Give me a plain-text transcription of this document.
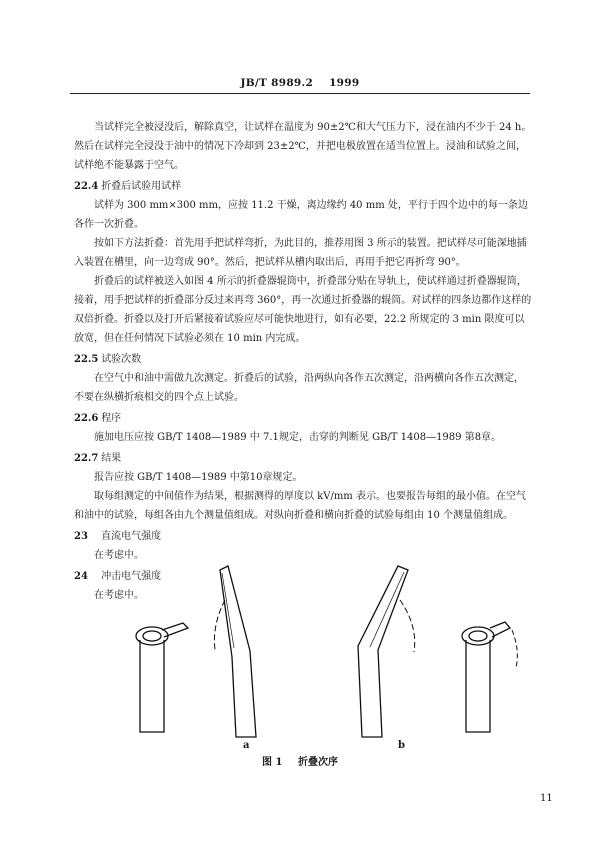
JB/T 8989.2 1999

当试样完全被浸没后，解除真空，让试样在温度为 90±2℃和大气压力下，浸在油内不少于 24 h。然后在试样完全浸没于油中的情况下冷却到 23±2℃，并把电极放置在适当位置上。浸油和试验之间，试样绝不能暴露于空气。

22.4 折叠后试验用试样

试样为 300 mm×300 mm，应按 11.2 干燥，离边缘约 40 mm 处，平行于四个边中的每一条边各作一次折叠。

按如下方法折叠：首先用手把试样弯折，为此目的，推荐用图 3 所示的装置。把试样尽可能深地插入装置在槽里，向一边弯成 90°。然后，把试样从槽内取出后，再用手把它再折弯 90°。

折叠后的试样被送入如图 4 所示的折叠器辊筒中，折叠部分贴在导轨上，使试样通过折叠器辊筒，接着，用手把试样的折叠部分反过来再弯 360°，再一次通过折叠器的辊筒。对试样的四条边都作这样的双倍折叠。折叠以及打开后紧接着试验应尽可能快地进行，如有必要，22.2 所规定的 3 min 限度可以放宽，但在任何情况下试验必须在 10 min 内完成。

22.5 试验次数

在空气中和油中需做九次测定。折叠后的试验，沿两纵向各作五次测定，沿两横向各作五次测定，不要在纵横折痕相交的四个点上试验。

22.6 程序

施加电压应按 GB/T 1408—1989 中 7.1规定，击穿的判断见 GB/T 1408—1989 第8章。

22.7 结果

报告应按 GB/T 1408—1989 中第10章规定。

取每组测定的中间值作为结果，根据测得的厚度以 kV/mm 表示。也要报告每组的最小值。在空气和油中的试验，每组各由九个测量值组成。对纵向折叠和横向折叠的试验每组由 10 个测量值组成。

23 直流电气强度

在考虑中。

24 冲击电气强度

在考虑中。

a	b
图 1 折叠次序
11
